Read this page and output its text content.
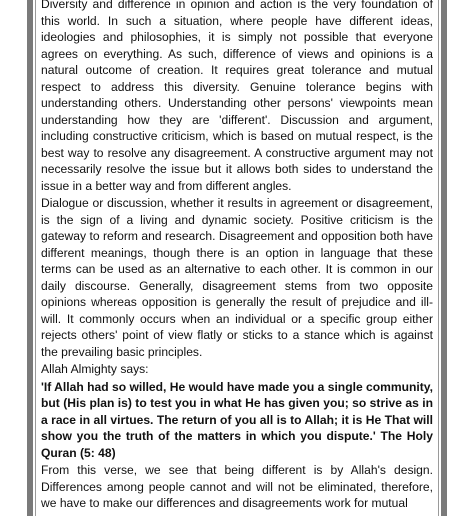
Diversity and difference in opinion and action is the very foundation of this world. In such a situation, where people have different ideas, ideologies and philosophies, it is simply not possible that everyone agrees on everything. As such, difference of views and opinions is a natural outcome of creation. It requires great tolerance and mutual respect to address this diversity. Genuine tolerance begins with understanding others. Understanding other persons' viewpoints mean understanding how they are 'different'. Discussion and argument, including constructive criticism, which is based on mutual respect, is the best way to resolve any disagreement. A constructive argument may not necessarily resolve the issue but it allows both sides to understand the issue in a better way and from different angles.

Dialogue or discussion, whether it results in agreement or disagreement, is the sign of a living and dynamic society. Positive criticism is the gateway to reform and research. Disagreement and opposition both have different meanings, though there is an option in language that these terms can be used as an alternative to each other. It is common in our daily discourse. Generally, disagreement stems from two opposite opinions whereas opposition is generally the result of prejudice and ill-will. It commonly occurs when an individual or a specific group either rejects others' point of view flatly or sticks to a stance which is against the prevailing basic principles.

Allah Almighty says:

'If Allah had so willed, He would have made you a single community, but (His plan is) to test you in what He has given you; so strive as in a race in all virtues. The return of you all is to Allah; it is He That will show you the truth of the matters in which you dispute.' The Holy Quran (5: 48)

From this verse, we see that being different is by Allah's design. Differences among people cannot and will not be eliminated, therefore, we have to make our differences and disagreements work for mutual
